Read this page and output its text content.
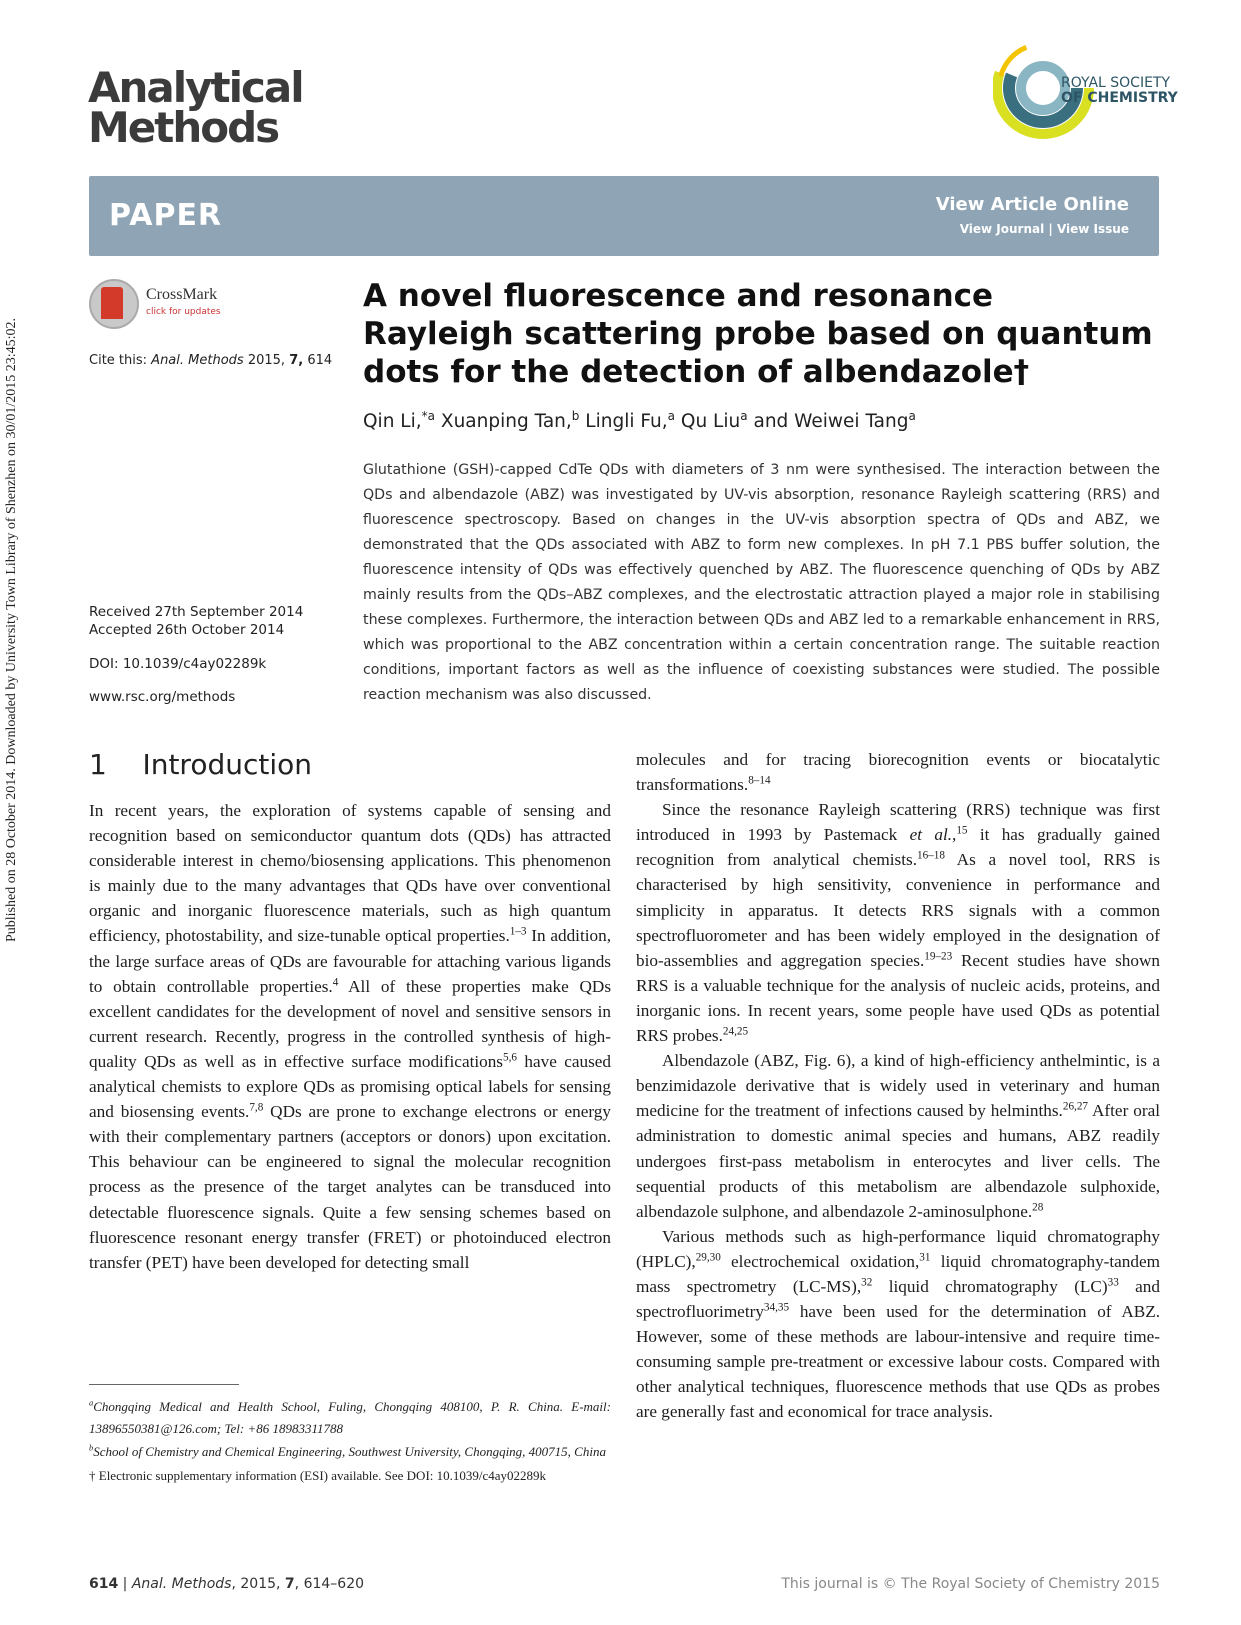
Published on 28 October 2014. Downloaded by University Town Library of Shenzhen on 30/01/2015 23:45:02.
Analytical
Methods
ROYAL SOCIETY
OF CHEMISTRY
PAPER	View Article Online
View Journal | View Issue
CrossMark
click for updates
Cite this: Anal. Methods 2015, 7, 614
Received 27th September 2014
Accepted 26th October 2014
DOI: 10.1039/c4ay02289k
www.rsc.org/methods
A novel fluorescence and resonance Rayleigh scattering probe based on quantum dots for the detection of albendazole†
Qin Li,$^{*a}$ Xuanping Tan,$^b$ Lingli Fu,$^a$ Qu Liu$^a$ and Weiwei Tang$^a$
Glutathione (GSH)-capped CdTe QDs with diameters of 3 nm were synthesised. The interaction between the QDs and albendazole (ABZ) was investigated by UV-vis absorption, resonance Rayleigh scattering (RRS) and fluorescence spectroscopy. Based on changes in the UV-vis absorption spectra of QDs and ABZ, we demonstrated that the QDs associated with ABZ to form new complexes. In pH 7.1 PBS buffer solution, the fluorescence intensity of QDs was effectively quenched by ABZ. The fluorescence quenching of QDs by ABZ mainly results from the QDs–ABZ complexes, and the electrostatic attraction played a major role in stabilising these complexes. Furthermore, the interaction between QDs and ABZ led to a remarkable enhancement in RRS, which was proportional to the ABZ concentration within a certain concentration range. The suitable reaction conditions, important factors as well as the influence of coexisting substances were studied. The possible reaction mechanism was also discussed.
1 Introduction

In recent years, the exploration of systems capable of sensing and recognition based on semiconductor quantum dots (QDs) has attracted considerable interest in chemo/biosensing applications. This phenomenon is mainly due to the many advantages that QDs have over conventional organic and inorganic fluorescence materials, such as high quantum efficiency, photostability, and size-tunable optical properties.$^{1-3}$ In addition, the large surface areas of QDs are favourable for attaching various ligands to obtain controllable properties.$^4$ All of these properties make QDs excellent candidates for the development of novel and sensitive sensors in current research. Recently, progress in the controlled synthesis of high-quality QDs as well as in effective surface modifications$^{5,6}$ have caused analytical chemists to explore QDs as promising optical labels for sensing and biosensing events.$^{7,8}$ QDs are prone to exchange electrons or energy with their complementary partners (acceptors or donors) upon excitation. This behaviour can be engineered to signal the molecular recognition process as the presence of the target analytes can be transduced into detectable fluorescence signals. Quite a few sensing schemes based on fluorescence resonant energy transfer (FRET) or photoinduced electron transfer (PET) have been developed for detecting small

molecules and for tracing biorecognition events or biocatalytic transformations.$^{8-14}$

Since the resonance Rayleigh scattering (RRS) technique was first introduced in 1993 by Pastemack et al.,$^{15}$ it has gradually gained recognition from analytical chemists.$^{16-18}$ As a novel tool, RRS is characterised by high sensitivity, convenience in performance and simplicity in apparatus. It detects RRS signals with a common spectrofluorometer and has been widely employed in the designation of bio-assemblies and aggregation species.$^{19-23}$ Recent studies have shown RRS is a valuable technique for the analysis of nucleic acids, proteins, and inorganic ions. In recent years, some people have used QDs as potential RRS probes.$^{24,25}$

Albendazole (ABZ, Fig. 6), a kind of high-efficiency anthelmintic, is a benzimidazole derivative that is widely used in veterinary and human medicine for the treatment of infections caused by helminths.$^{26,27}$ After oral administration to domestic animal species and humans, ABZ readily undergoes first-pass metabolism in enterocytes and liver cells. The sequential products of this metabolism are albendazole sulphoxide, albendazole sulphone, and albendazole 2-aminosulphone.$^{28}$

Various methods such as high-performance liquid chromatography (HPLC),$^{29,30}$ electrochemical oxidation,$^{31}$ liquid chromatography-tandem mass spectrometry (LC-MS),$^{32}$ liquid chromatography (LC)$^{33}$ and spectrofluorimetry$^{34,35}$ have been used for the determination of ABZ. However, some of these methods are labour-intensive and require time-consuming sample pre-treatment or excessive labour costs. Compared with other analytical techniques, fluorescence methods that use QDs as probes are generally fast and economical for trace analysis.

$^a$Chongqing Medical and Health School, Fuling, Chongqing 408100, P. R. China. E-mail: 13896550381@126.com; Tel: +86 18983311788

$^b$School of Chemistry and Chemical Engineering, Southwest University, Chongqing, 400715, China

† Electronic supplementary information (ESI) available. See DOI: 10.1039/c4ay02289k

614 | Anal. Methods, 2015, 7, 614–620	This journal is © The Royal Society of Chemistry 2015
